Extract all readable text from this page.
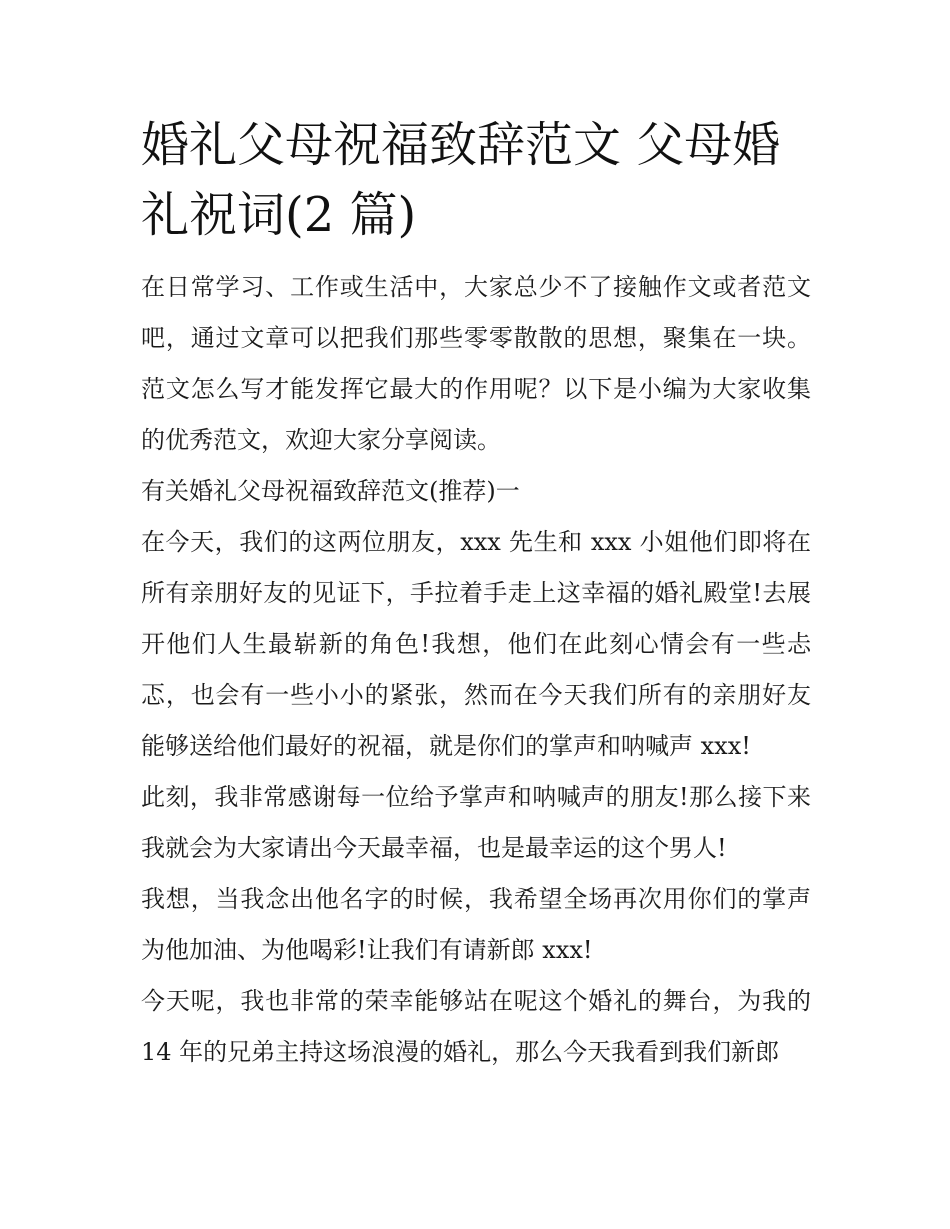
婚礼父母祝福致辞范文 父母婚礼祝词(2 篇)

在日常学习、工作或生活中，大家总少不了接触作文或者范文吧，通过文章可以把我们那些零零散散的思想，聚集在一块。范文怎么写才能发挥它最大的作用呢？以下是小编为大家收集的优秀范文，欢迎大家分享阅读。

有关婚礼父母祝福致辞范文(推荐)一

在今天，我们的这两位朋友，xxx 先生和 xxx 小姐他们即将在所有亲朋好友的见证下，手拉着手走上这幸福的婚礼殿堂!去展开他们人生最崭新的角色!我想，他们在此刻心情会有一些忐忑，也会有一些小小的紧张，然而在今天我们所有的亲朋好友能够送给他们最好的祝福，就是你们的掌声和呐喊声 xxx!

此刻，我非常感谢每一位给予掌声和呐喊声的朋友!那么接下来我就会为大家请出今天最幸福，也是最幸运的这个男人!

我想，当我念出他名字的时候，我希望全场再次用你们的掌声为他加油、为他喝彩!让我们有请新郎 xxx!

今天呢，我也非常的荣幸能够站在呢这个婚礼的舞台，为我的 14 年的兄弟主持这场浪漫的婚礼，那么今天我看到我们新郎
